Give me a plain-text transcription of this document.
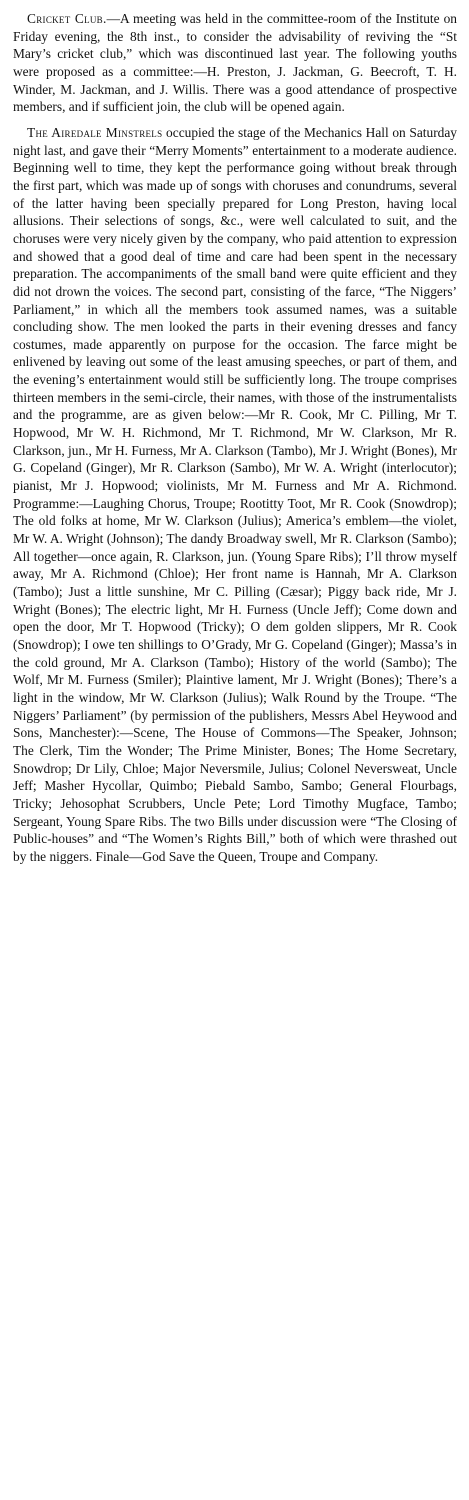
Cricket Club.—A meeting was held in the committee-room of the Institute on Friday evening, the 8th inst., to consider the advisability of reviving the “St Mary’s cricket club,” which was discontinued last year. The following youths were proposed as a committee:—H. Preston, J. Jackman, G. Beecroft, T. H. Winder, M. Jackman, and J. Willis. There was a good attendance of prospective members, and if sufficient join, the club will be opened again.

The Airedale Minstrels occupied the stage of the Mechanics Hall on Saturday night last, and gave their “Merry Moments” entertainment to a moderate audience. Beginning well to time, they kept the performance going without break through the first part, which was made up of songs with choruses and conundrums, several of the latter having been specially prepared for Long Preston, having local allusions. Their selections of songs, &c., were well calculated to suit, and the choruses were very nicely given by the company, who paid attention to expression and showed that a good deal of time and care had been spent in the necessary preparation. The accompaniments of the small band were quite efficient and they did not drown the voices. The second part, consisting of the farce, “The Niggers’ Parliament,” in which all the members took assumed names, was a suitable concluding show. The men looked the parts in their evening dresses and fancy costumes, made apparently on purpose for the occasion. The farce might be enlivened by leaving out some of the least amusing speeches, or part of them, and the evening’s entertainment would still be sufficiently long. The troupe comprises thirteen members in the semi-circle, their names, with those of the instrumentalists and the programme, are as given below:—Mr R. Cook, Mr C. Pilling, Mr T. Hopwood, Mr W. H. Richmond, Mr T. Richmond, Mr W. Clarkson, Mr R. Clarkson, jun., Mr H. Furness, Mr A. Clarkson (Tambo), Mr J. Wright (Bones), Mr G. Copeland (Ginger), Mr R. Clarkson (Sambo), Mr W. A. Wright (interlocutor); pianist, Mr J. Hopwood; violinists, Mr M. Furness and Mr A. Richmond. Programme:—Laughing Chorus, Troupe; Rootitty Toot, Mr R. Cook (Snowdrop); The old folks at home, Mr W. Clarkson (Julius); America’s emblem—the violet, Mr W. A. Wright (Johnson); The dandy Broadway swell, Mr R. Clarkson (Sambo); All together—once again, R. Clarkson, jun. (Young Spare Ribs); I’ll throw myself away, Mr A. Richmond (Chloe); Her front name is Hannah, Mr A. Clarkson (Tambo); Just a little sunshine, Mr C. Pilling (Cæsar); Piggy back ride, Mr J. Wright (Bones); The electric light, Mr H. Furness (Uncle Jeff); Come down and open the door, Mr T. Hopwood (Tricky); O dem golden slippers, Mr R. Cook (Snowdrop); I owe ten shillings to O’Grady, Mr G. Copeland (Ginger); Massa’s in the cold ground, Mr A. Clarkson (Tambo); History of the world (Sambo); The Wolf, Mr M. Furness (Smiler); Plaintive lament, Mr J. Wright (Bones); There’s a light in the window, Mr W. Clarkson (Julius); Walk Round by the Troupe. “The Niggers’ Parliament” (by permission of the publishers, Messrs Abel Heywood and Sons, Manchester):—Scene, The House of Commons—The Speaker, Johnson; The Clerk, Tim the Wonder; The Prime Minister, Bones; The Home Secretary, Snowdrop; Dr Lily, Chloe; Major Neversmile, Julius; Colonel Neversweat, Uncle Jeff; Masher Hycollar, Quimbo; Piebald Sambo, Sambo; General Flourbags, Tricky; Jehosophat Scrubbers, Uncle Pete; Lord Timothy Mugface, Tambo; Sergeant, Young Spare Ribs. The two Bills under discussion were “The Closing of Public-houses” and “The Women’s Rights Bill,” both of which were thrashed out by the niggers. Finale—God Save the Queen, Troupe and Company.
